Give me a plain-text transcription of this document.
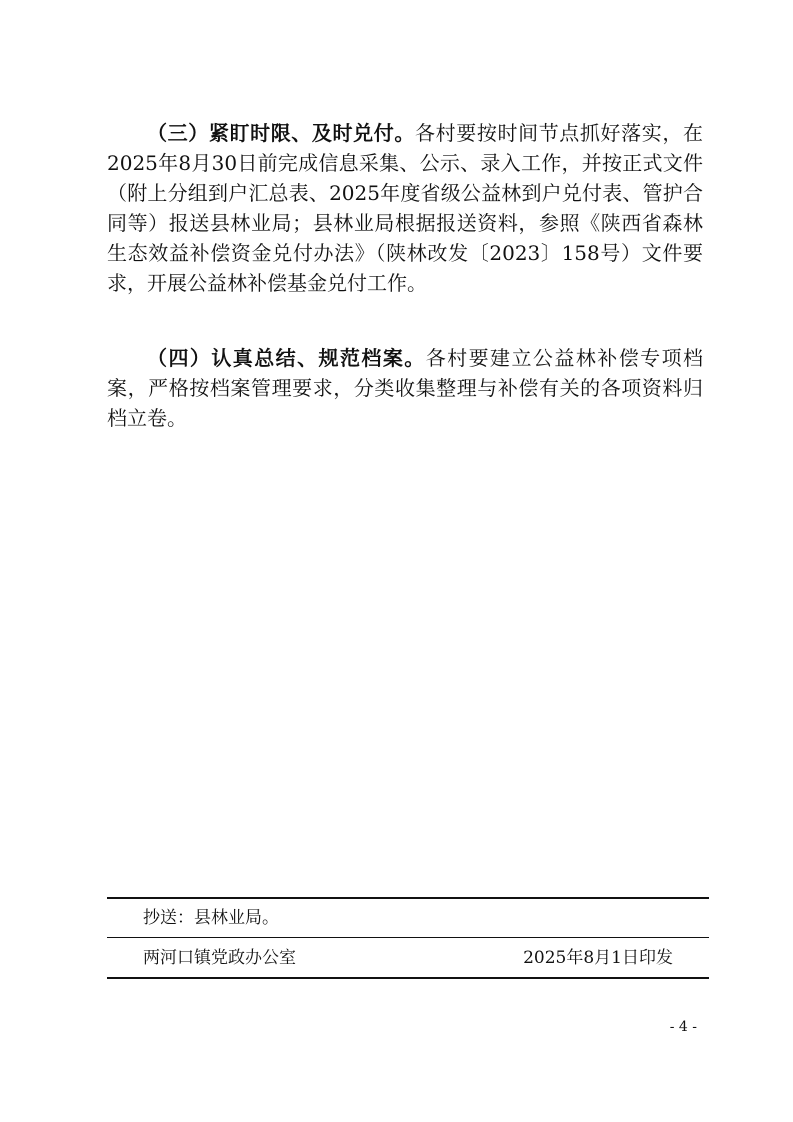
（三）紧盯时限、及时兑付。各村要按时间节点抓好落实，在2025年8月30日前完成信息采集、公示、录入工作，并按正式文件（附上分组到户汇总表、2025年度省级公益林到户兑付表、管护合同等）报送县林业局；县林业局根据报送资料，参照《陕西省森林生态效益补偿资金兑付办法》（陕林改发〔2023〕158号）文件要求，开展公益林补偿基金兑付工作。

（四）认真总结、规范档案。各村要建立公益林补偿专项档案，严格按档案管理要求，分类收集整理与补偿有关的各项资料归档立卷。

抄送：县林业局。
两河口镇党政办公室	2025年8月1日印发
- 4 -
